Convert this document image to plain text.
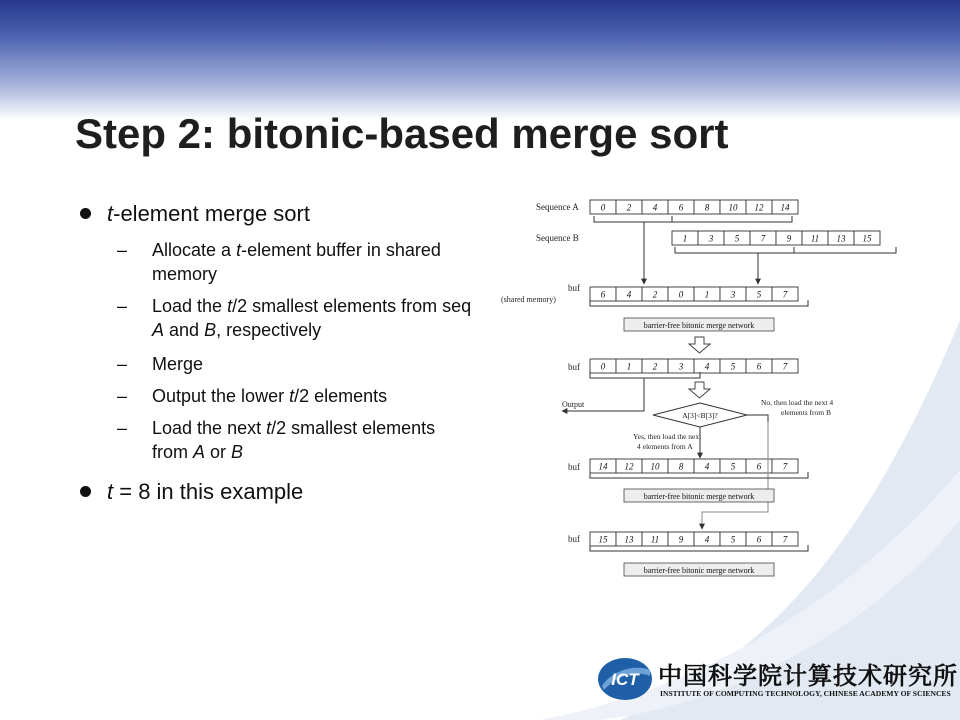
Step 2: bitonic-based merge sort
t-element merge sort
– Allocate a t-element buffer in shared memory
– Load the t/2 smallest elements from seq A and B, respectively
– Merge
– Output the lower t/2 elements
– Load the next t/2 smallest elements from A or B
t = 8 in this example
Sequence A
Sequence B
buf
(shared memory)
buf
Output
buf
buf
0 2 4 6 8 10 12 14
1 3 5 7 9 11 13 15
6 4 2 0 1 3 5 7
0 1 2 3 4 5 6 7
14 12 10 8 4 5 6 7
15 13 11 9 4 5 6 7
barrier-free bitonic merge network
A[3]<B[3]?
No, then load the next 4
elements from B
Yes, then load the next
4 elements from A
barrier-free bitonic merge network
barrier-free bitonic merge network
ICT 中国科学院计算技术研究所
INSTITUTE OF COMPUTING TECHNOLOGY, CHINESE ACADEMY OF SCIENCES
